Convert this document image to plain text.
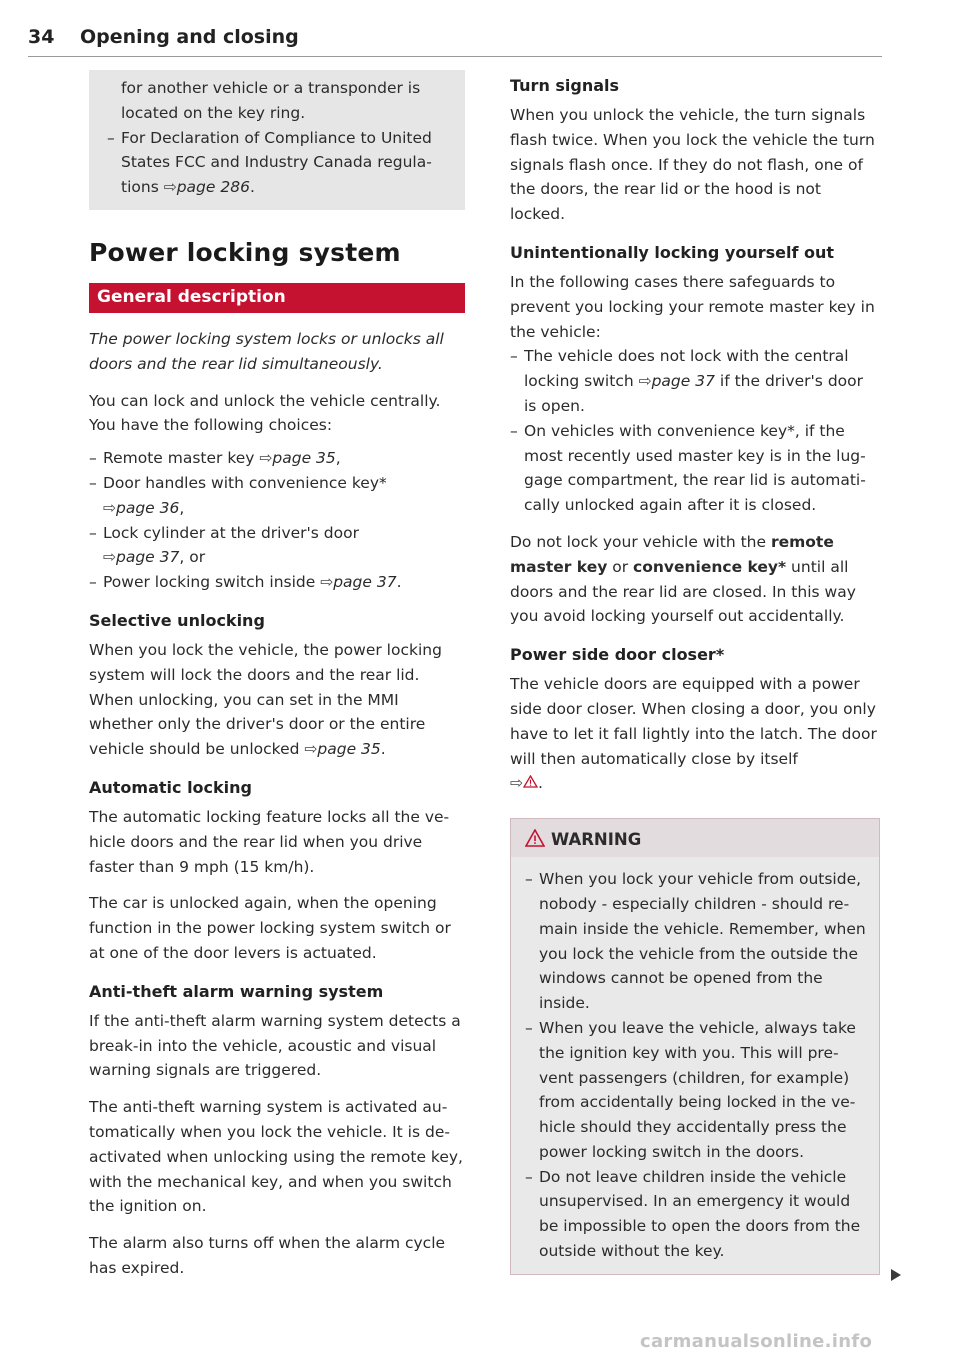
34 Opening and closing

for another vehicle or a transponder is located on the key ring.

– For Declaration of Compliance to United States FCC and Industry Canada regulations ⇨page 286.
Power locking system
General description

The power locking system locks or unlocks all doors and the rear lid simultaneously.

You can lock and unlock the vehicle centrally. You have the following choices:

– Remote master key ⇨page 35,
– Door handles with convenience key*
⇨page 36,
– Lock cylinder at the driver's door
⇨page 37, or
– Power locking switch inside ⇨page 37.
Selective unlocking

When you lock the vehicle, the power locking system will lock the doors and the rear lid. When unlocking, you can set in the MMI whether only the driver's door or the entire vehicle should be unlocked ⇨page 35.

Automatic locking

The automatic locking feature locks all the vehicle doors and the rear lid when you drive faster than 9 mph (15 km/h).

The car is unlocked again, when the opening function in the power locking system switch or at one of the door levers is actuated.

Anti-theft alarm warning system

If the anti-theft alarm warning system detects a break-in into the vehicle, acoustic and visual warning signals are triggered.

The anti-theft warning system is activated automatically when you lock the vehicle. It is deactivated when unlocking using the remote key, with the mechanical key, and when you switch the ignition on.

The alarm also turns off when the alarm cycle has expired.

Turn signals

When you unlock the vehicle, the turn signals flash twice. When you lock the vehicle the turn signals flash once. If they do not flash, one of the doors, the rear lid or the hood is not locked.

Unintentionally locking yourself out

In the following cases there safeguards to prevent you locking your remote master key in the vehicle:

– The vehicle does not lock with the central locking switch ⇨page 37 if the driver's door is open.
– On vehicles with convenience key*, if the most recently used master key is in the luggage compartment, the rear lid is automatically unlocked again after it is closed.

Do not lock your vehicle with the remote master key or convenience key* until all doors and the rear lid are closed. In this way you avoid locking yourself out accidentally.

Power side door closer*

The vehicle doors are equipped with a power side door closer. When closing a door, you only have to let it fall lightly into the latch. The door will then automatically close by itself
⇨ .

WARNING
– When you lock your vehicle from outside, nobody - especially children - should remain inside the vehicle. Remember, when you lock the vehicle from the outside the windows cannot be opened from the inside.
– When you leave the vehicle, always take the ignition key with you. This will prevent passengers (children, for example) from accidentally being locked in the vehicle should they accidentally press the power locking switch in the doors.
– Do not leave children inside the vehicle unsupervised. In an emergency it would be impossible to open the doors from the outside without the key.
carmanualsonline.info
